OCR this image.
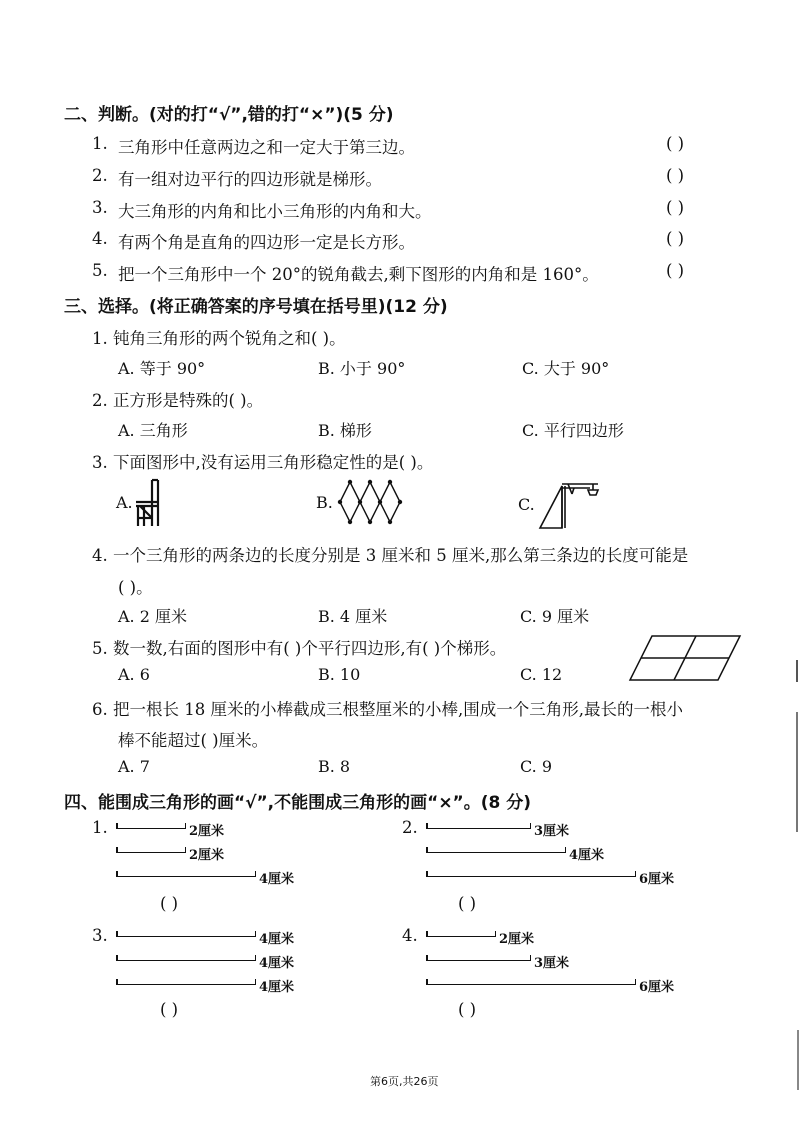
二、判断。(对的打“√”,错的打“×”)(5 分)
1. 三角形中任意两边之和一定大于第三边。	( )
2. 有一组对边平行的四边形就是梯形。	( )
3. 大三角形的内角和比小三角形的内角和大。	( )
4. 有两个角是直角的四边形一定是长方形。	( )
5. 把一个三角形中一个 20°的锐角截去,剩下图形的内角和是 160°。	( )
三、选择。(将正确答案的序号填在括号里)(12 分)
1. 钝角三角形的两个锐角之和( )。
A. 等于 90°	B. 小于 90°	C. 大于 90°
2. 正方形是特殊的( )。
A. 三角形	B. 梯形	C. 平行四边形
3. 下面图形中,没有运用三角形稳定性的是( )。
A.	B.	C.
4. 一个三角形的两条边的长度分别是 3 厘米和 5 厘米,那么第三条边的长度可能是
( )。
A. 2 厘米	B. 4 厘米	C. 9 厘米
5. 数一数,右面的图形中有( )个平行四边形,有( )个梯形。
A. 6	B. 10	C. 12
6. 把一根长 18 厘米的小棒截成三根整厘米的小棒,围成一个三角形,最长的一根小
棒不能超过( )厘米。
A. 7	B. 8	C. 9
四、能围成三角形的画“√”,不能围成三角形的画“×”。(8 分)
1.	2厘米
2厘米
4厘米
( )
2.	3厘米
4厘米
6厘米
( )
3.	4厘米
4厘米
4厘米
( )
4.	2厘米
3厘米
6厘米
( )
第6页,共26页
